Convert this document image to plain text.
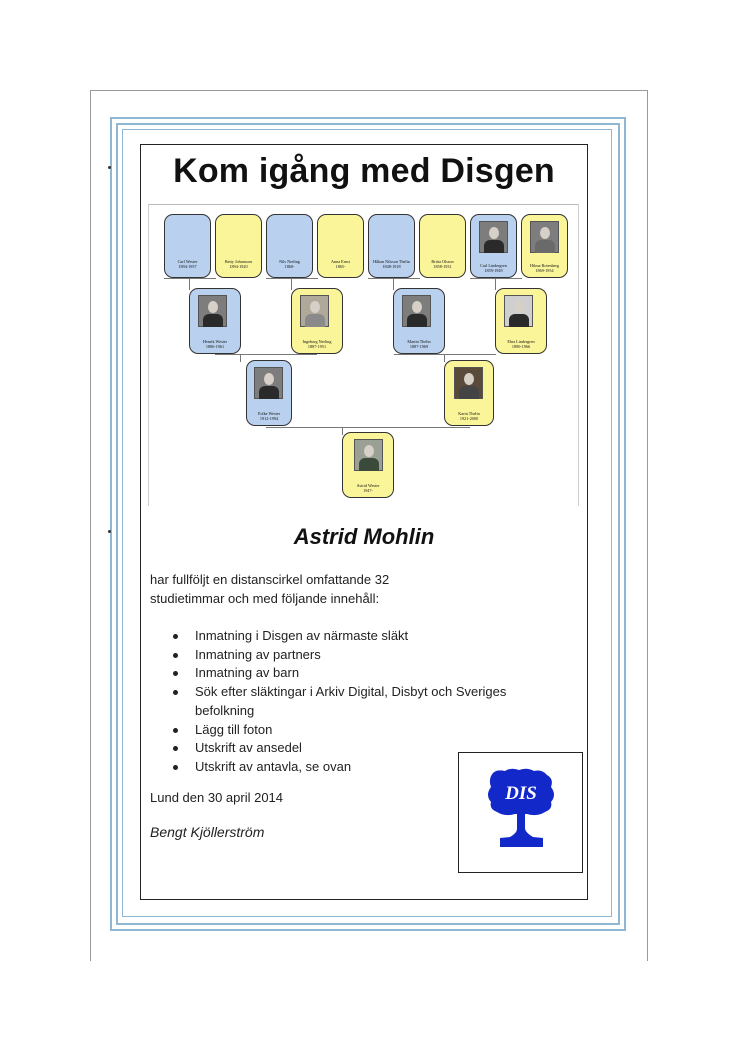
Kom igång med Disgen
Carl Wester
1894-1957
Betty Johansson
1894-1920
Nils Nerling
1860-
Anna Ernst
1865-
Håkan Nilsson Thelin
1848-1918
Britta Olsson
1858-1931	Carl Lindergren
1859-1949
Hilma Rotenberg
1869-1954
Henrik Wester
1886-1961
Ingeborg Nerling
1887-1951
Martin Thelin
1887-1969
Elna Lindergren
1890-1966
Folke Wester
1912-1994
Karin Thelin
1921-2000
Astrid Wester
1947-
Astrid Mohlin
har fullföljt en distanscirkel omfattande 32
studietimmar och med följande innehåll:
Inmatning i Disgen av närmaste släkt
Inmatning av partners
Inmatning av barn
Sök efter släktingar i Arkiv Digital, Disbyt och Sveriges befolkning
Lägg till foton
Utskrift av ansedel
Utskrift av antavla, se ovan
Lund den 30 april 2014
Bengt Kjöllerström
DIS
